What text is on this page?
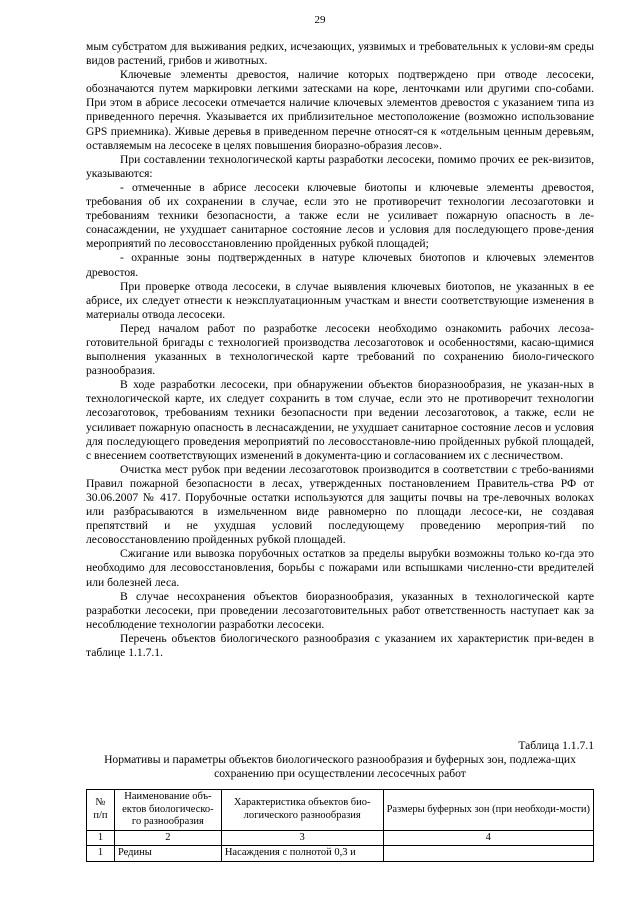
29

мым субстратом для выживания редких, исчезающих, уязвимых и требовательных к услови-ям среды видов растений, грибов и животных.

Ключевые элементы древостоя, наличие которых подтверждено при отводе лесосеки, обозначаются путем маркировки легкими затесками на коре, ленточками или другими спо-собами. При этом в абрисе лесосеки отмечается наличие ключевых элементов древостоя с указанием типа из приведенного перечня. Указывается их приблизительное местоположение (возможно использование GPS приемника). Живые деревья в приведенном перечне относят-ся к «отдельным ценным деревьям, оставляемым на лесосеке в целях повышения биоразно-образия лесов».

При составлении технологической карты разработки лесосеки, помимо прочих ее рек-визитов, указываются:

- отмеченные в абрисе лесосеки ключевые биотопы и ключевые элементы древостоя, требования об их сохранении в случае, если это не противоречит технологии лесозаготовки и требованиям техники безопасности, а также если не усиливает пожарную опасность в ле-сонасаждении, не ухудшает санитарное состояние лесов и условия для последующего прове-дения мероприятий по лесовосстановлению пройденных рубкой площадей;

- охранные зоны подтвержденных в натуре ключевых биотопов и ключевых элементов древостоя.

При проверке отвода лесосеки, в случае выявления ключевых биотопов, не указанных в ее абрисе, их следует отнести к неэксплуатационным участкам и внести соответствующие изменения в материалы отвода лесосеки.

Перед началом работ по разработке лесосеки необходимо ознакомить рабочих лесоза-готовительной бригады с технологией производства лесозаготовок и особенностями, касаю-щимися выполнения указанных в технологической карте требований по сохранению биоло-гического разнообразия.

В ходе разработки лесосеки, при обнаружении объектов биоразнообразия, не указан-ных в технологической карте, их следует сохранить в том случае, если это не противоречит технологии лесозаготовок, требованиям техники безопасности при ведении лесозаготовок, а также, если не усиливает пожарную опасность в леснасаждении, не ухудшает санитарное состояние лесов и условия для последующего проведения мероприятий по лесовосстановле-нию пройденных рубкой площадей, с внесением соответствующих изменений в документа-цию и согласованием их с лесничеством.

Очистка мест рубок при ведении лесозаготовок производится в соответствии с требо-ваниями Правил пожарной безопасности в лесах, утвержденных постановлением Правитель-ства РФ от 30.06.2007 № 417. Порубочные остатки используются для защиты почвы на тре-левочных волоках или разбрасываются в измельченном виде равномерно по площади лесосе-ки, не создавая препятствий и не ухудшая условий последующему проведению мероприя-тий по лесовосстановлению пройденных рубкой площадей.

Сжигание или вывозка порубочных остатков за пределы вырубки возможны только ко-гда это необходимо для лесовосстановления, борьбы с пожарами или вспышками численно-сти вредителей или болезней леса.

В случае несохранения объектов биоразнообразия, указанных в технологической карте разработки лесосеки, при проведении лесозаготовительных работ ответственность наступает как за несоблюдение технологии разработки лесосеки.

Перечень объектов биологического разнообразия с указанием их характеристик при-веден в таблице 1.1.7.1.

Таблица 1.1.7.1
Нормативы и параметры объектов биологического разнообразия и буферных зон, подлежа-щих сохранению при осуществлении лесосечных работ
№ п/п	Наименование объ-ектов биологическо-го разнообразия	Характеристика объектов био-логического разнообразия	Размеры буферных зон (при необходи-мости)
1	2	3	4
1	Редины	Насаждения с полнотой 0,3 и	
